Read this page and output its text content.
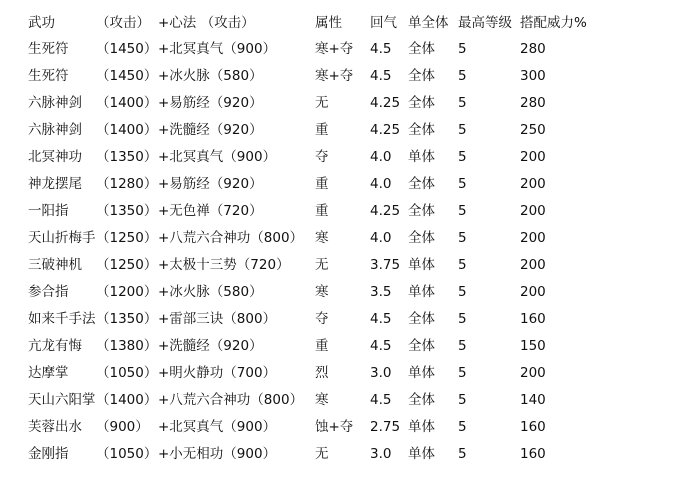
武功	（攻击） +心法 （攻击）	属性 回气 单全体 最高等级 搭配威力%
生死符 （1450） +北冥真气（900）	寒+夺 4.5 全体 5	280
生死符 （1450） +冰火脉（580）	寒+夺 4.5 全体 5	300
六脉神剑 （1400） +易筋经（920）	无	4.25 全体 5	280
六脉神剑 （1400） +洗髓经（920）	重	4.25 全体 5	250
北冥神功 （1350） +北冥真气（900）	夺	4.0 单体 5	200
神龙摆尾 （1280） +易筋经（920）	重	4.0 全体 5	200
一阳指 （1350） +无色禅（720）	重	4.25 全体 5	200
天山折梅手 （1250） +八荒六合神功（800） 寒	4.0 全体 5	200
三破神机 （1250） +太极十三势（720） 无	3.75 单体 5	200
参合指 （1200） +冰火脉（580）	寒	3.5 单体 5	200
如来千手法 （1350） +雷部三诀（800）	夺	4.5 全体 5	160
亢龙有悔 （1380） +洗髓经（920）	重	4.5 全体 5	150
达摩掌 （1050） +明火静功（700）	烈	3.0 单体 5	200
天山六阳掌 （1400） +八荒六合神功（800） 寒	4.5 全体 5	140
芙蓉出水 （900） +北冥真气（900）	蚀+夺 2.75 单体 5	160
金刚指 （1050） +小无相功（900）	无	3.0 单体 5	160
